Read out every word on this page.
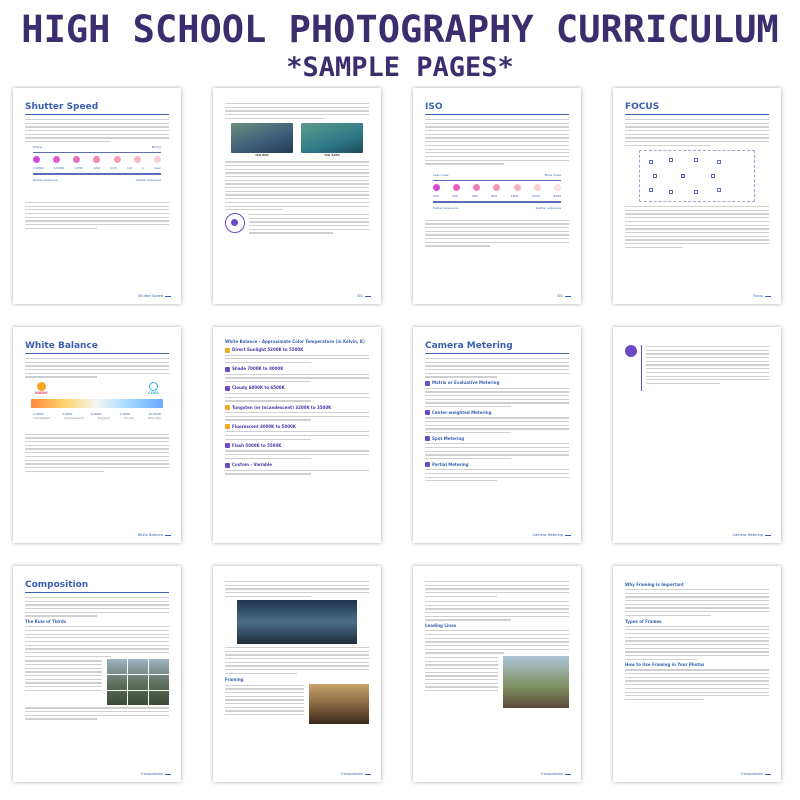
HIGH SCHOOL PHOTOGRAPHY CURRICULUM
*SAMPLE PAGES*
Shutter Speed
Sharp	Blurry
1/4000	1/1000	1/250	1/60	1/15	1/4	1	1sec
Darker exposure	Lighter exposure
Shutter Speed
ISO 800	ISO 3200
ISO
ISO
Less noise	More noise
100	200	400	800	1600	3200	6400
Darker exposure	Lighter exposure
ISO
FOCUS
Focus
White Balance
WARM	COOL
1,000K	3,000K	5,000K	7,000K	10,000K
Candlelight	Incandescent	Daylight	Cloudy	Blue Sky
White Balance
White Balance - Approximate Color Temperature (in Kelvin, K)
Direct Sunlight 5200K to 5500K
Shade 7000K to 8000K
Cloudy 6000K to 6500K
Tungsten (or Incandescent) 3200K to 3500K
Fluorescent 4000K to 5000K
Flash 5000K to 5500K
Custom - Variable
Camera Metering
Matrix or Evaluative Metering
Center-weighted Metering
Spot Metering
Partial Metering
Camera Metering	Camera Metering
Composition
The Rule of Thirds
Composition
Framing
Composition
Leading Lines
Composition
Why Framing is Important
Types of Frames
How to Use Framing in Your Photos
Composition
